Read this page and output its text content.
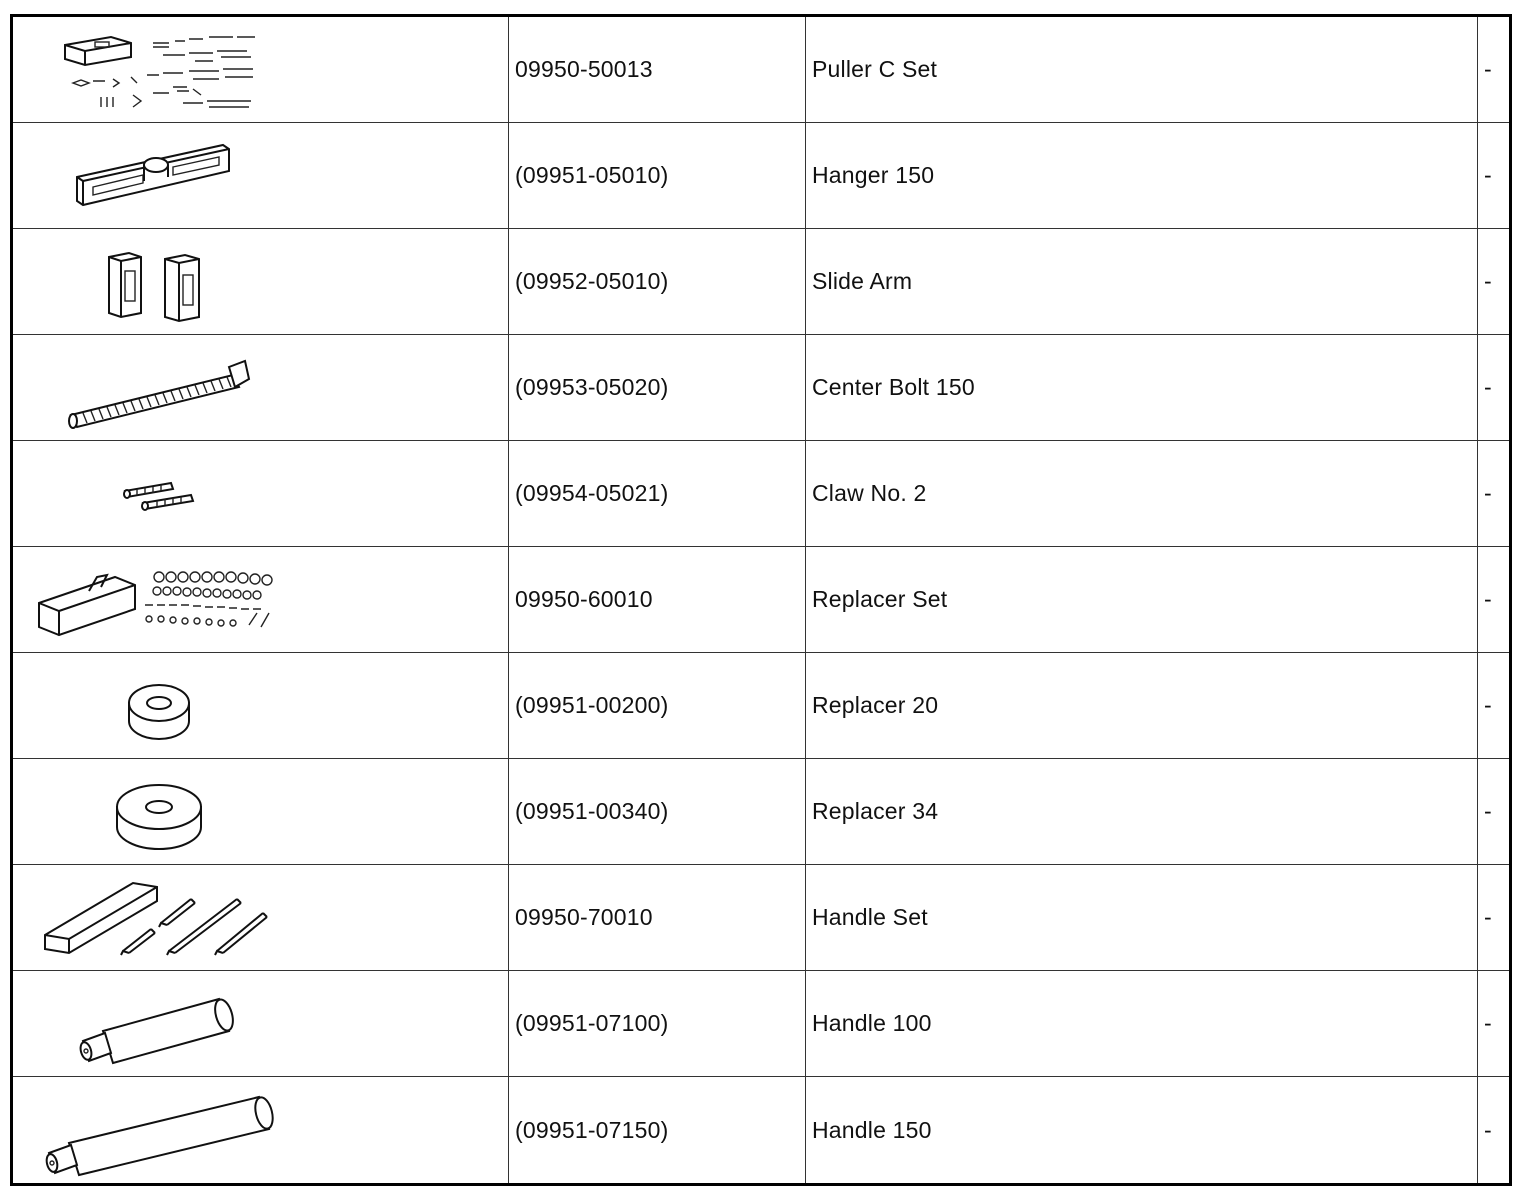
09950-50013	Puller C Set	-
(09951-05010)	Hanger 150	-
(09952-05010)	Slide Arm	-
(09953-05020)	Center Bolt 150	-
(09954-05021)	Claw No. 2	-
09950-60010	Replacer Set	-
(09951-00200)	Replacer 20	-
(09951-00340)	Replacer 34	-
09950-70010	Handle Set	-
(09951-07100)	Handle 100	-
(09951-07150)	Handle 150	-
